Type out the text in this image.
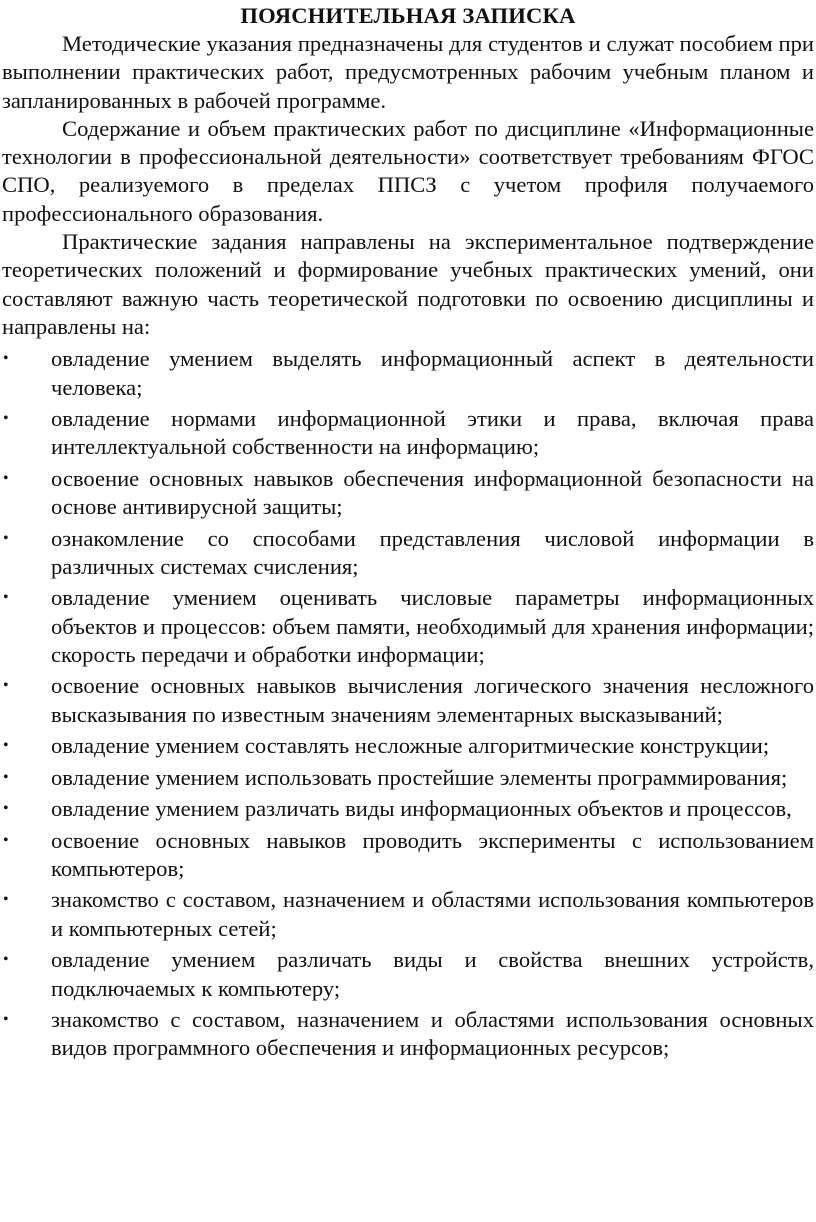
ПОЯСНИТЕЛЬНАЯ ЗАПИСКА

Методические указания предназначены для студентов и служат пособием при выполнении практических работ, предусмотренных рабочим учебным планом и запланированных в рабочей программе.

Содержание и объем практических работ по дисциплине «Информационные технологии в профессиональной деятельности» соответствует требованиям ФГОС СПО, реализуемого в пределах ППСЗ с учетом профиля получаемого профессионального образования.

Практические задания направлены на экспериментальное подтверждение теоретических положений и формирование учебных практических умений, они составляют важную часть теоретической подготовки по освоению дисциплины и направлены на:

• овладение умением выделять информационный аспект в деятельности человека;
• овладение нормами информационной этики и права, включая права интеллектуальной собственности на информацию;
• освоение основных навыков обеспечения информационной безопасности на основе антивирусной защиты;
• ознакомление со способами представления числовой информации в различных системах счисления;
• овладение умением оценивать числовые параметры информационных объектов и процессов: объем памяти, необходимый для хранения информации; скорость передачи и обработки информации;
• освоение основных навыков вычисления логического значения несложного высказывания по известным значениям элементарных высказываний;
• овладение умением составлять несложные алгоритмические конструкции;
• овладение умением использовать простейшие элементы программирования;
• овладение умением различать виды информационных объектов и процессов,
• освоение основных навыков проводить эксперименты с использованием компьютеров;
• знакомство с составом, назначением и областями использования компьютеров и компьютерных сетей;
• овладение умением различать виды и свойства внешних устройств, подключаемых к компьютеру;
• знакомство с составом, назначением и областями использования основных видов программного обеспечения и информационных ресурсов;
